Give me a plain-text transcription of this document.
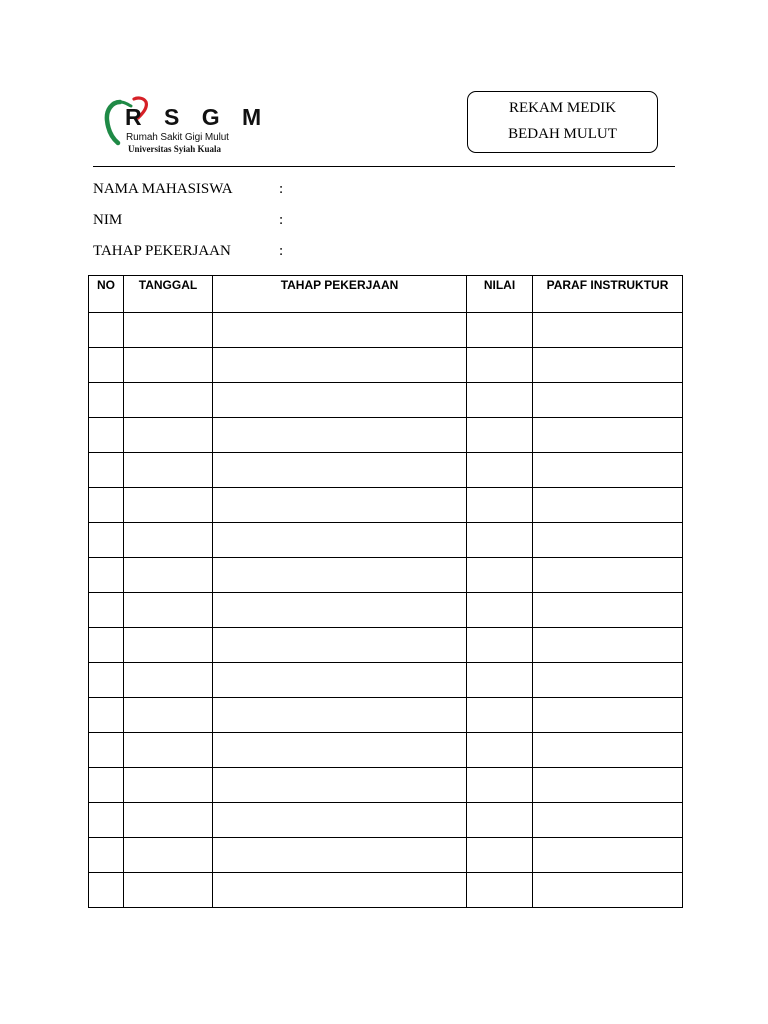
R S G M
Rumah Sakit Gigi Mulut
Universitas Syiah Kuala
REKAM MEDIK
BEDAH MULUT
NAMA MAHASISWA	:
NIM	:
TAHAP PEKERJAAN	:
NO	TANGGAL	TAHAP PEKERJAAN	NILAI	PARAF INSTRUKTUR
